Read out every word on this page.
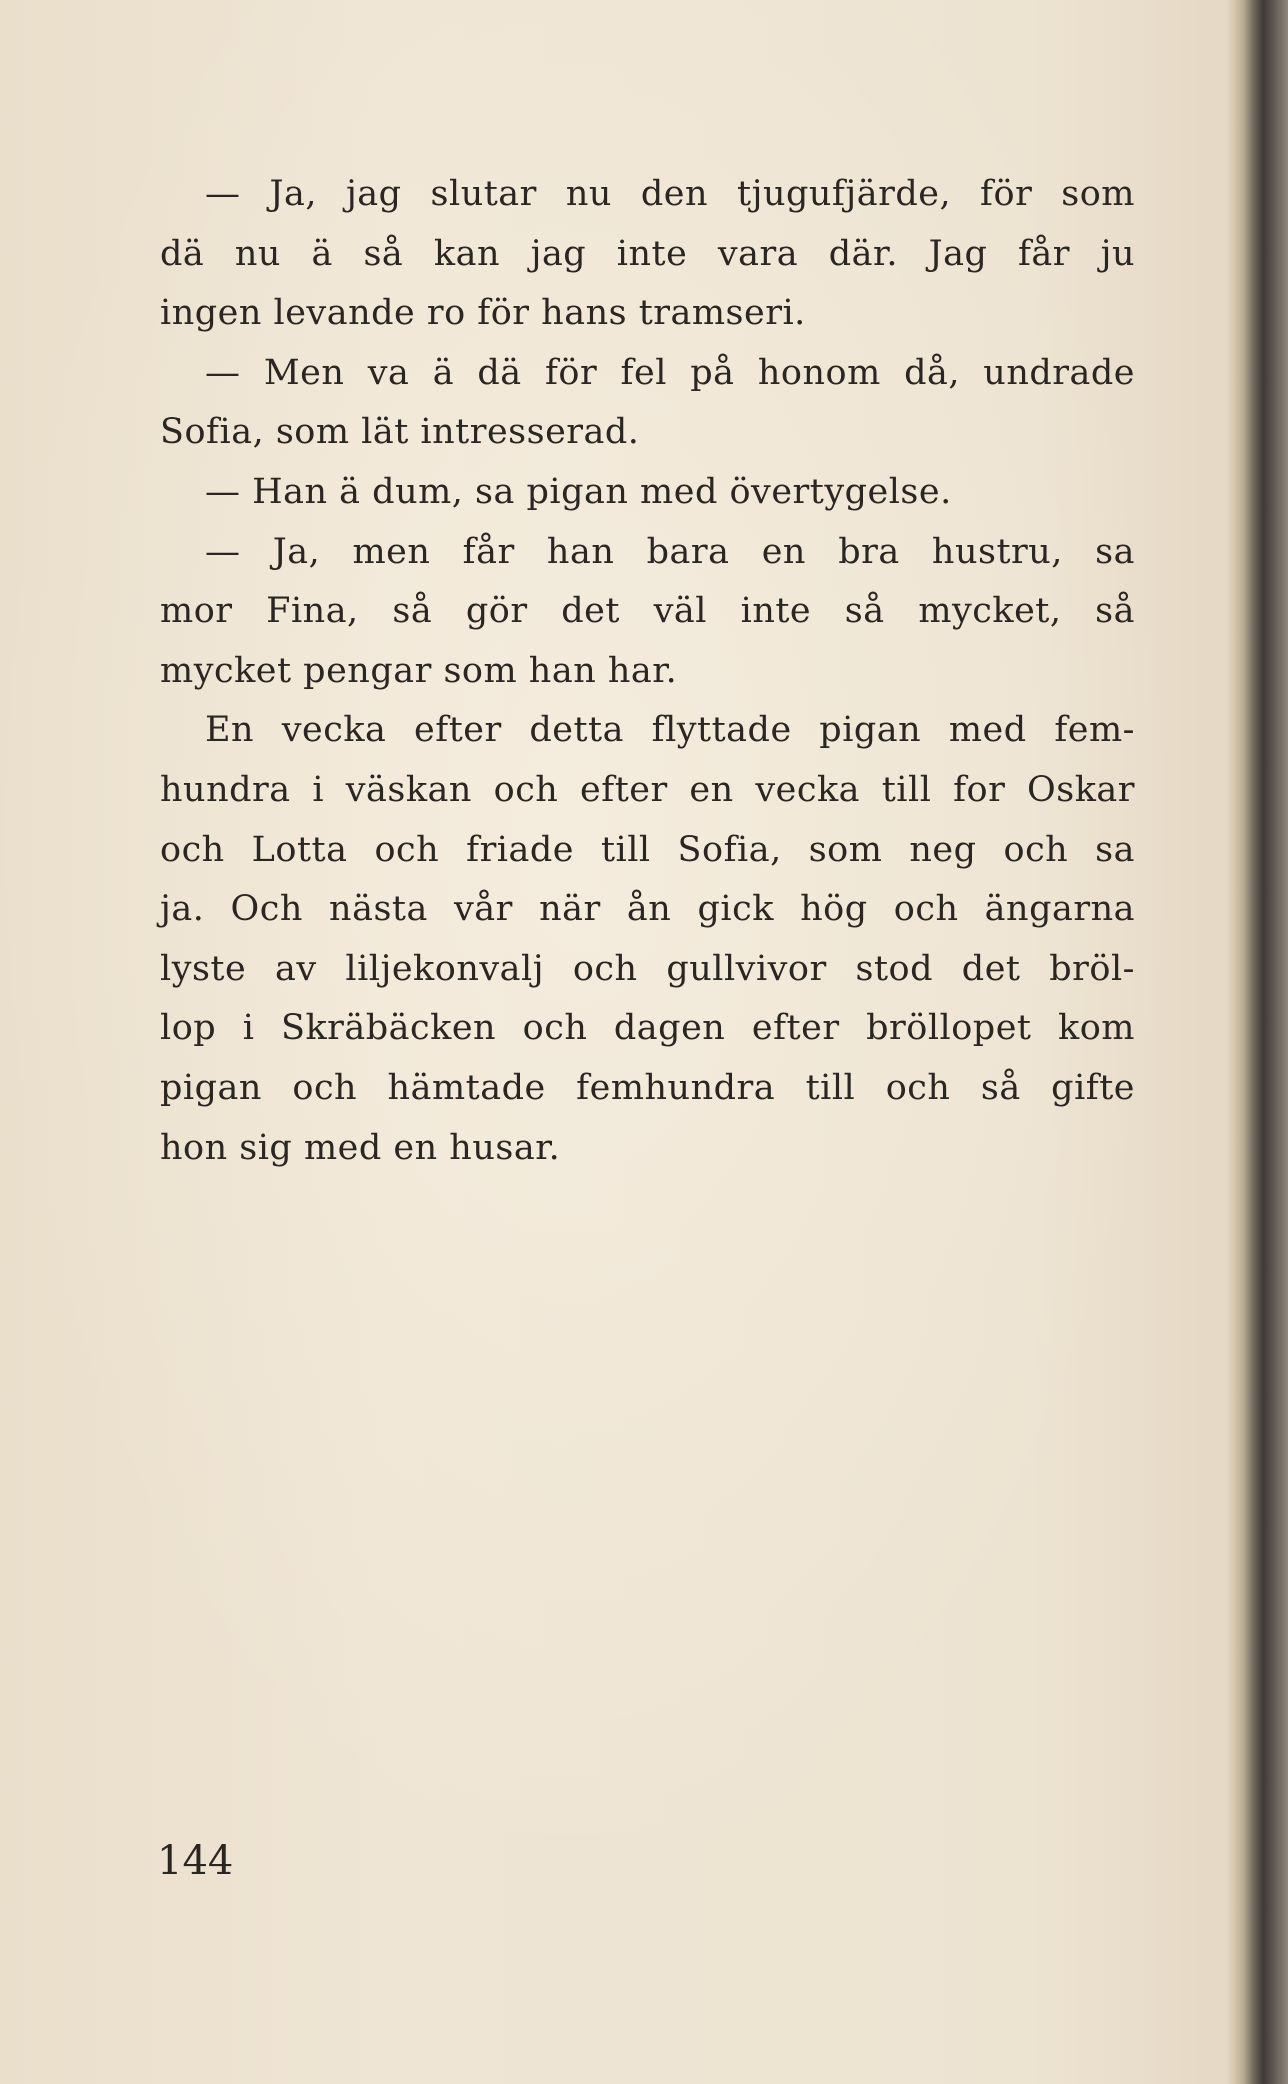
— Ja, jag slutar nu den tjugufjärde, för som
dä nu ä så kan jag inte vara där. Jag får ju
ingen levande ro för hans tramseri.
— Men va ä dä för fel på honom då, undrade
Sofia, som lät intresserad.
— Han ä dum, sa pigan med övertygelse.
— Ja, men får han bara en bra hustru, sa
mor Fina, så gör det väl inte så mycket, så
mycket pengar som han har.
En vecka efter detta flyttade pigan med fem-
hundra i väskan och efter en vecka till for Oskar
och Lotta och friade till Sofia, som neg och sa
ja. Och nästa vår när ån gick hög och ängarna
lyste av liljekonvalj och gullvivor stod det bröl-
lop i Skräbäcken och dagen efter bröllopet kom
pigan och hämtade femhundra till och så gifte
hon sig med en husar.
144
